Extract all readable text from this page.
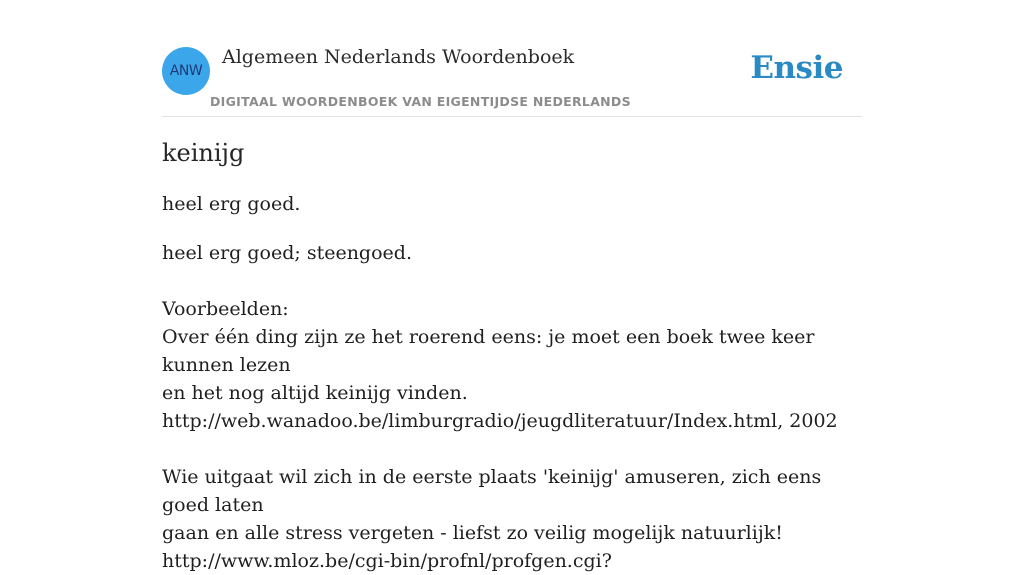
ANW
Algemeen Nederlands Woordenboek
DIGITAAL WOORDENBOEK VAN EIGENTIJDSE NEDERLANDS
Ensie
keinijg

heel erg goed.

heel erg goed; steengoed.

Voorbeelden:

Over één ding zijn ze het roerend eens: je moet een boek twee keer kunnen lezen

en het nog altijd keinijg vinden.

http://web.wanadoo.be/limburgradio/jeugdliteratuur/Index.html, 2002

Wie uitgaat wil zich in de eerste plaats 'keinijg' amuseren, zich eens goed laten

gaan en alle stress vergeten - liefst zo veilig mogelijk natuurlijk!

http://www.mloz.be/cgi-bin/profnl/profgen.cgi?
